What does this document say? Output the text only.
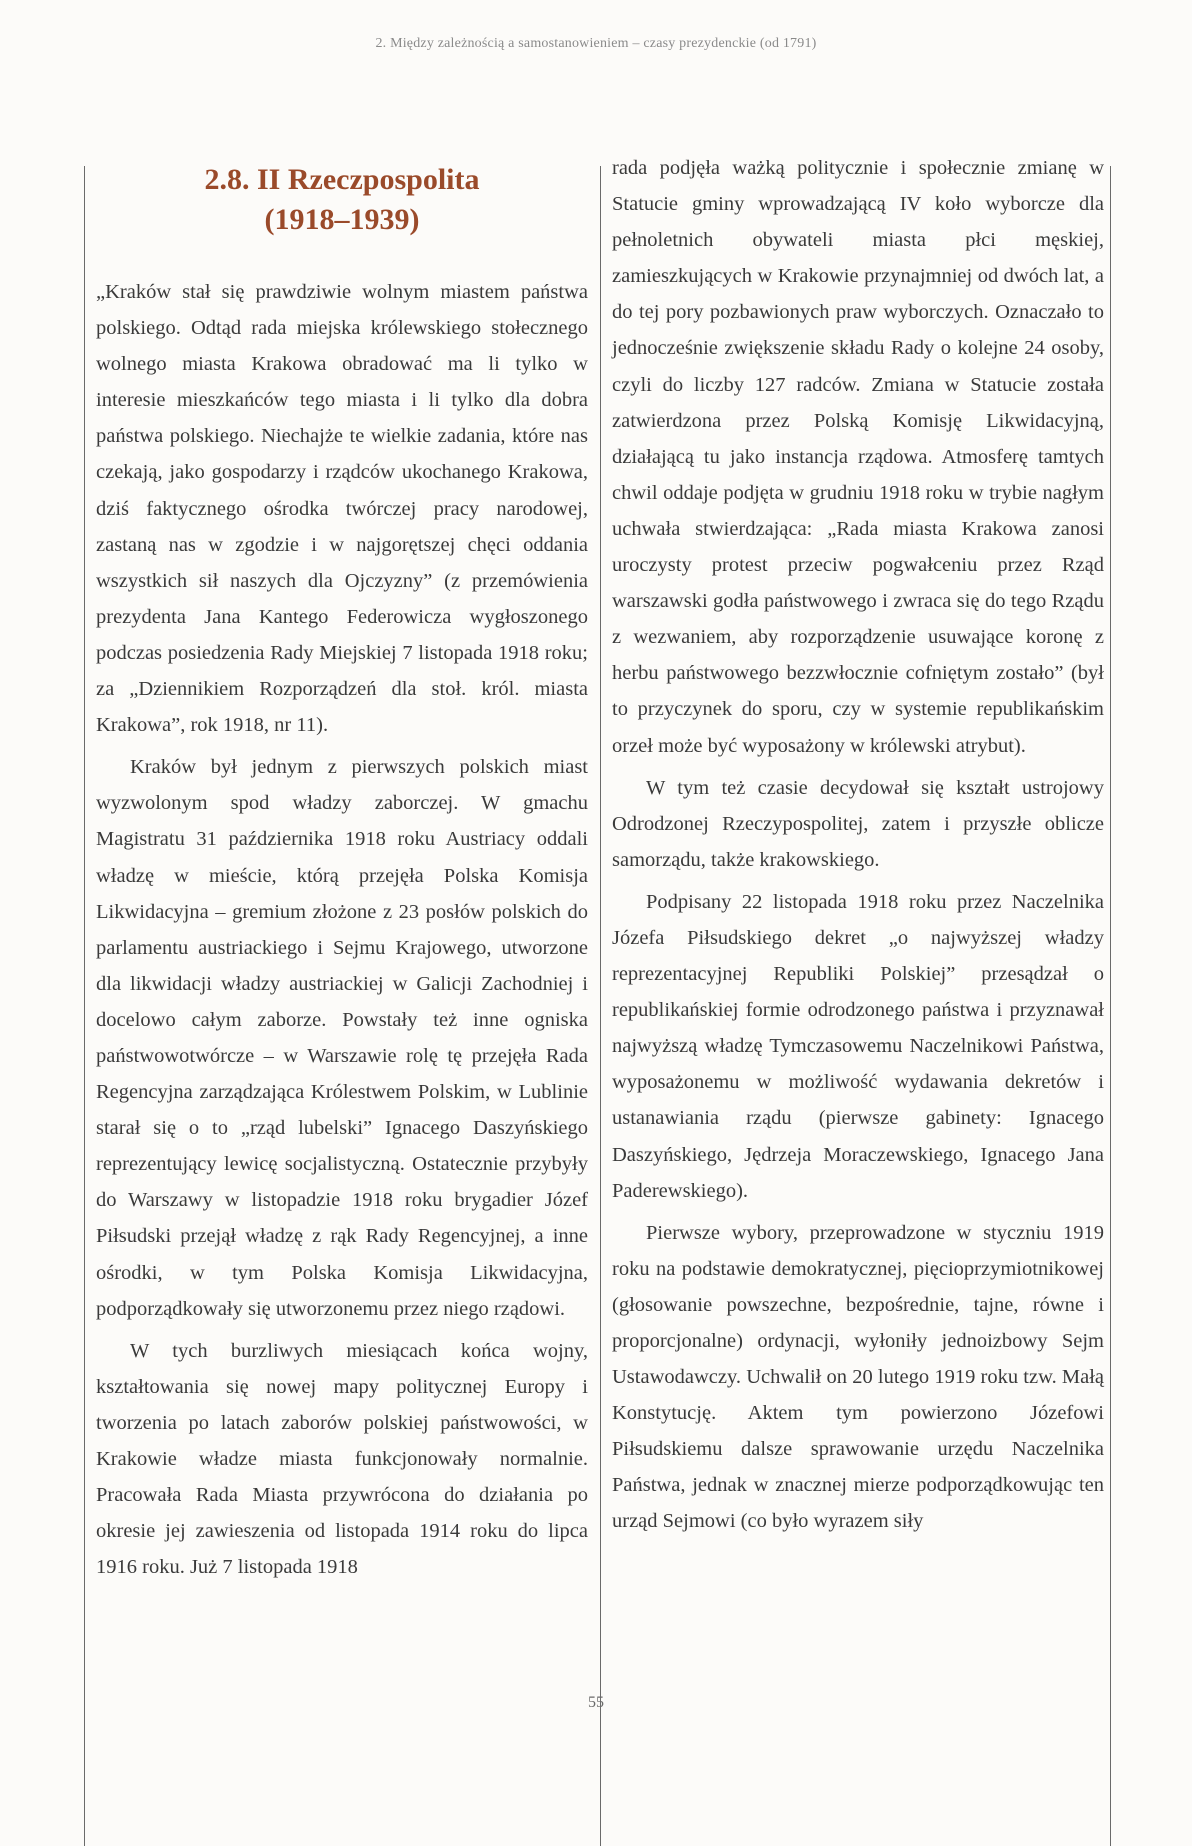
2. Między zależnością a samostanowieniem – czasy prezydenckie (od 1791)
2.8. II Rzeczpospolita
(1918–1939)

„Kraków stał się prawdziwie wolnym miastem państwa polskiego. Odtąd rada miejska królewskiego stołecznego wolnego miasta Krakowa obradować ma li tylko w interesie mieszkańców tego miasta i li tylko dla dobra państwa polskiego. Niechajże te wielkie zadania, które nas czekają, jako gospodarzy i rządców ukochanego Krakowa, dziś faktycznego ośrodka twórczej pracy narodowej, zastaną nas w zgodzie i w najgorętszej chęci oddania wszystkich sił naszych dla Ojczyzny” (z przemówienia prezydenta Jana Kantego Federowicza wygłoszonego podczas posiedzenia Rady Miejskiej 7 listopada 1918 roku; za „Dziennikiem Rozporządzeń dla stoł. król. miasta Krakowa”, rok 1918, nr 11).

Kraków był jednym z pierwszych polskich miast wyzwolonym spod władzy zaborczej. W gmachu Magistratu 31 października 1918 roku Austriacy oddali władzę w mieście, którą przejęła Polska Komisja Likwidacyjna – gremium złożone z 23 posłów polskich do parlamentu austriackiego i Sejmu Krajowego, utworzone dla likwidacji władzy austriackiej w Galicji Zachodniej i docelowo całym zaborze. Powstały też inne ogniska państwowotwórcze – w Warszawie rolę tę przejęła Rada Regencyjna zarządzająca Królestwem Polskim, w Lublinie starał się o to „rząd lubelski” Ignacego Daszyńskiego reprezentujący lewicę socjalistyczną. Ostatecznie przybyły do Warszawy w listopadzie 1918 roku brygadier Józef Piłsudski przejął władzę z rąk Rady Regencyjnej, a inne ośrodki, w tym Polska Komisja Likwidacyjna, podporządkowały się utworzonemu przez niego rządowi.

W tych burzliwych miesiącach końca wojny, kształtowania się nowej mapy politycznej Europy i tworzenia po latach zaborów polskiej państwowości, w Krakowie władze miasta funkcjonowały normalnie. Pracowała Rada Miasta przywrócona do działania po okresie jej zawieszenia od listopada 1914 roku do lipca 1916 roku. Już 7 listopada 1918

rada podjęła ważką politycznie i społecznie zmianę w Statucie gminy wprowadzającą IV koło wyborcze dla pełnoletnich obywateli miasta płci męskiej, zamieszkujących w Krakowie przynajmniej od dwóch lat, a do tej pory pozbawionych praw wyborczych. Oznaczało to jednocześnie zwiększenie składu Rady o kolejne 24 osoby, czyli do liczby 127 radców. Zmiana w Statucie została zatwierdzona przez Polską Komisję Likwidacyjną, działającą tu jako instancja rządowa. Atmosferę tamtych chwil oddaje podjęta w grudniu 1918 roku w trybie nagłym uchwała stwierdzająca: „Rada miasta Krakowa zanosi uroczysty protest przeciw pogwałceniu przez Rząd warszawski godła państwowego i zwraca się do tego Rządu z wezwaniem, aby rozporządzenie usuwające koronę z herbu państwowego bezzwłocznie cofniętym zostało” (był to przyczynek do sporu, czy w systemie republikańskim orzeł może być wyposażony w królewski atrybut).

W tym też czasie decydował się kształt ustrojowy Odrodzonej Rzeczypospolitej, zatem i przyszłe oblicze samorządu, także krakowskiego.

Podpisany 22 listopada 1918 roku przez Naczelnika Józefa Piłsudskiego dekret „o najwyższej władzy reprezentacyjnej Republiki Polskiej” przesądzał o republikańskiej formie odrodzonego państwa i przyznawał najwyższą władzę Tymczasowemu Naczelnikowi Państwa, wyposażonemu w możliwość wydawania dekretów i ustanawiania rządu (pierwsze gabinety: Ignacego Daszyńskiego, Jędrzeja Moraczewskiego, Ignacego Jana Paderewskiego).

Pierwsze wybory, przeprowadzone w styczniu 1919 roku na podstawie demokratycznej, pięcioprzymiotnikowej (głosowanie powszechne, bezpośrednie, tajne, równe i proporcjonalne) ordynacji, wyłoniły jednoizbowy Sejm Ustawodawczy. Uchwalił on 20 lutego 1919 roku tzw. Małą Konstytucję. Aktem tym powierzono Józefowi Piłsudskiemu dalsze sprawowanie urzędu Naczelnika Państwa, jednak w znacznej mierze podporządkowując ten urząd Sejmowi (co było wyrazem siły

55
